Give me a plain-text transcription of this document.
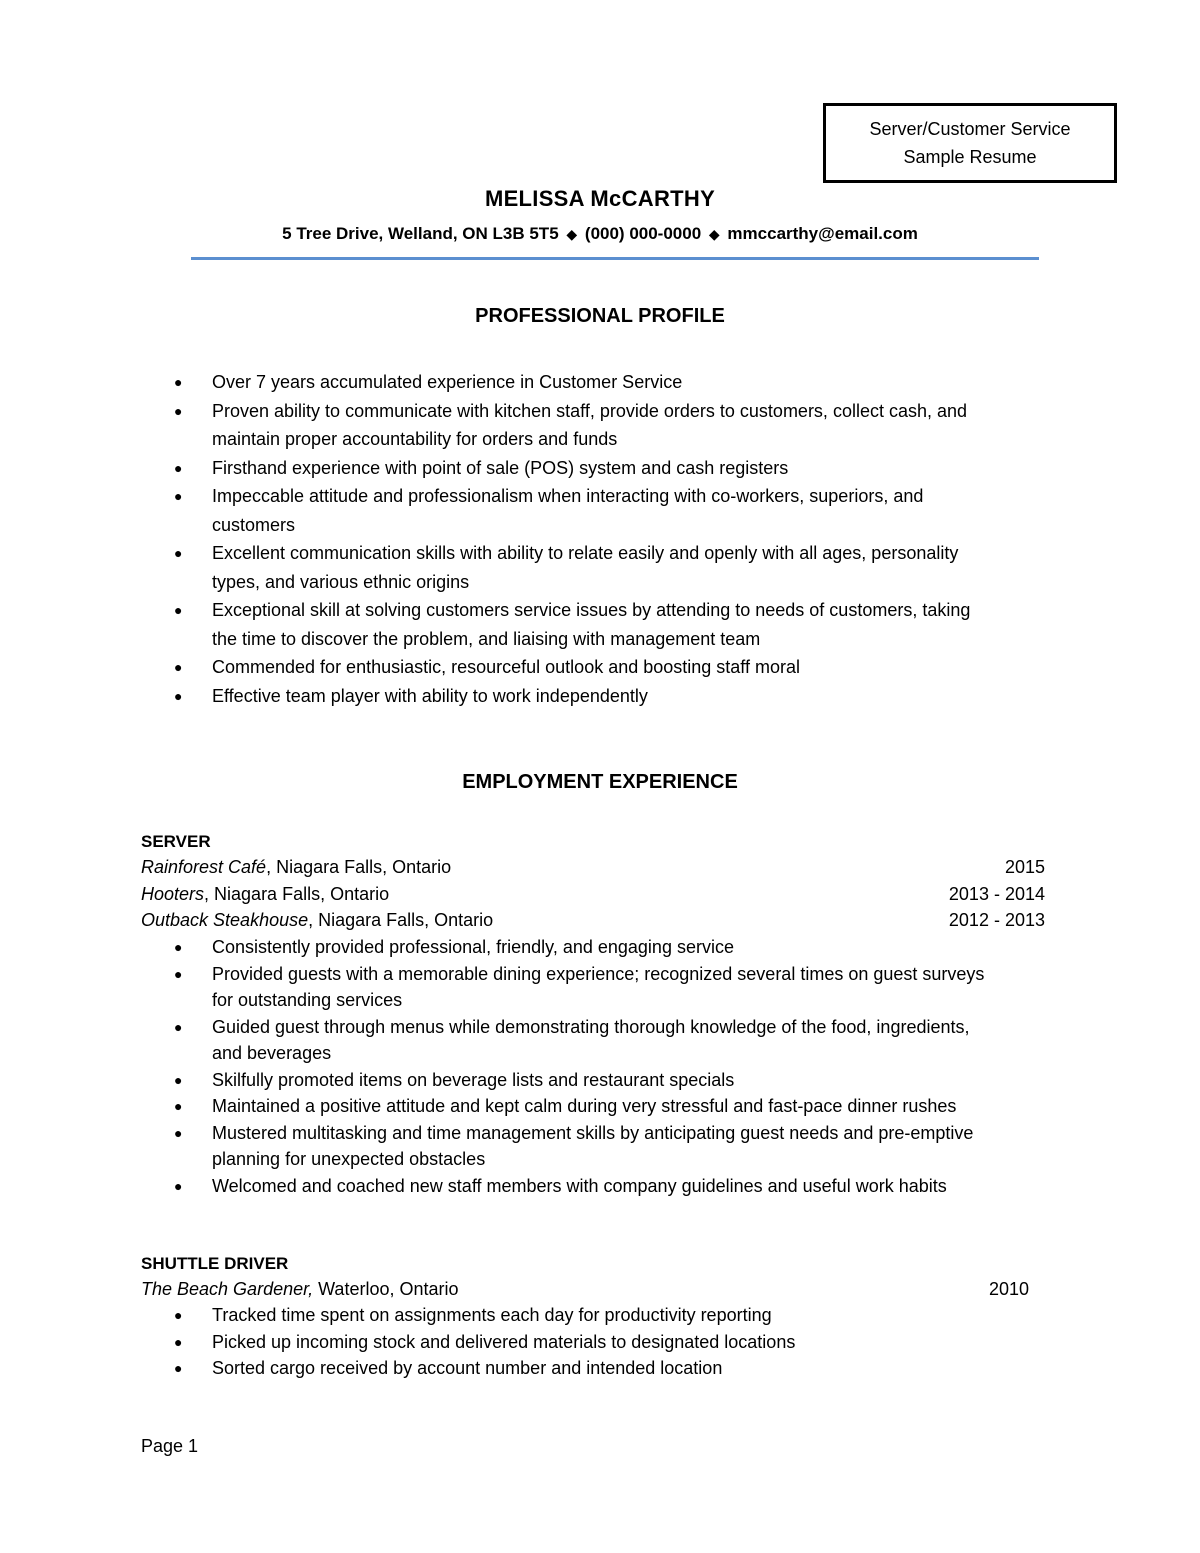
Server/Customer Service
Sample Resume
MELISSA McCARTHY
5 Tree Drive, Welland, ON L3B 5T5 ◆ (000) 000-0000 ◆ mmccarthy@email.com
PROFESSIONAL PROFILE
● Over 7 years accumulated experience in Customer Service
● Proven ability to communicate with kitchen staff, provide orders to customers, collect cash, and
maintain proper accountability for orders and funds
● Firsthand experience with point of sale (POS) system and cash registers
● Impeccable attitude and professionalism when interacting with co-workers, superiors, and
customers
● Excellent communication skills with ability to relate easily and openly with all ages, personality
types, and various ethnic origins
● Exceptional skill at solving customers service issues by attending to needs of customers, taking
the time to discover the problem, and liaising with management team
● Commended for enthusiastic, resourceful outlook and boosting staff moral
● Effective team player with ability to work independently
EMPLOYMENT EXPERIENCE
SERVER
Rainforest Café, Niagara Falls, Ontario	2015
Hooters, Niagara Falls, Ontario	2013 - 2014
Outback Steakhouse, Niagara Falls, Ontario	2012 - 2013
● Consistently provided professional, friendly, and engaging service
● Provided guests with a memorable dining experience; recognized several times on guest surveys
for outstanding services
● Guided guest through menus while demonstrating thorough knowledge of the food, ingredients,
and beverages
● Skilfully promoted items on beverage lists and restaurant specials
● Maintained a positive attitude and kept calm during very stressful and fast-pace dinner rushes
● Mustered multitasking and time management skills by anticipating guest needs and pre-emptive
planning for unexpected obstacles
● Welcomed and coached new staff members with company guidelines and useful work habits
SHUTTLE DRIVER
The Beach Gardener, Waterloo, Ontario	2010
● Tracked time spent on assignments each day for productivity reporting
● Picked up incoming stock and delivered materials to designated locations
● Sorted cargo received by account number and intended location
Page 1
